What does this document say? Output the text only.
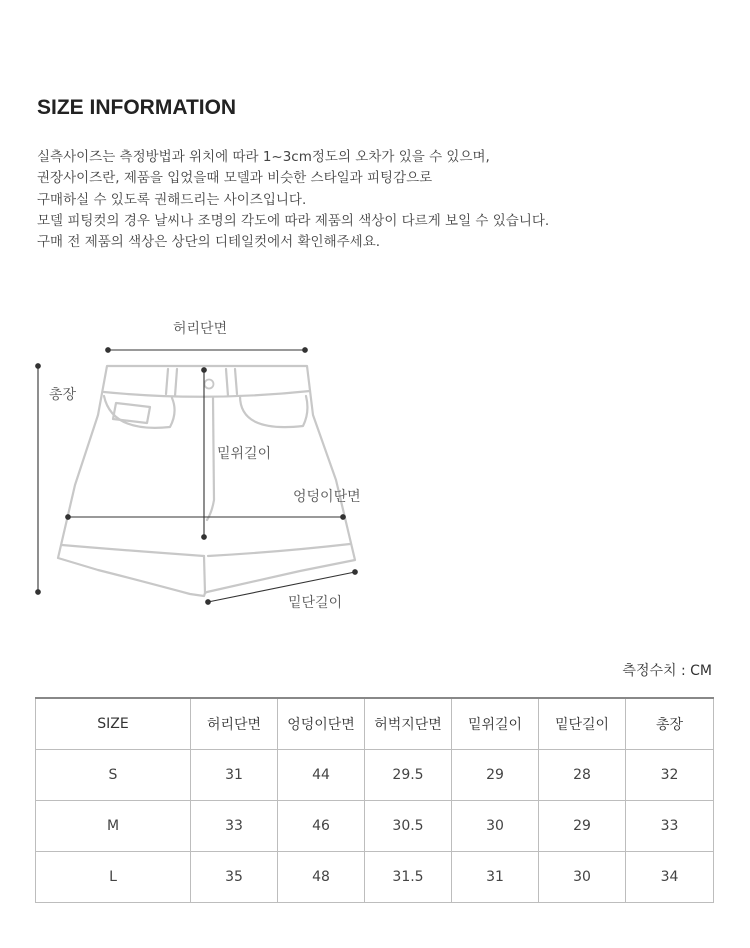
SIZE INFORMATION
실측사이즈는 측정방법과 위치에 따라 1~3cm정도의 오차가 있을 수 있으며,
권장사이즈란, 제품을 입었을때 모델과 비슷한 스타일과 피팅감으로
구매하실 수 있도록 권해드리는 사이즈입니다.
모델 피팅컷의 경우 날씨나 조명의 각도에 따라 제품의 색상이 다르게 보일 수 있습니다.
구매 전 제품의 색상은 상단의 디테일컷에서 확인해주세요.
허리단면
총장
밑위길이
엉덩이단면
밑단길이
측정수치 : CM
SIZE	허리단면	엉덩이단면	허벅지단면	밑위길이	밑단길이	총장
S	31	44	29.5	29	28	32
M	33	46	30.5	30	29	33
L	35	48	31.5	31	30	34
